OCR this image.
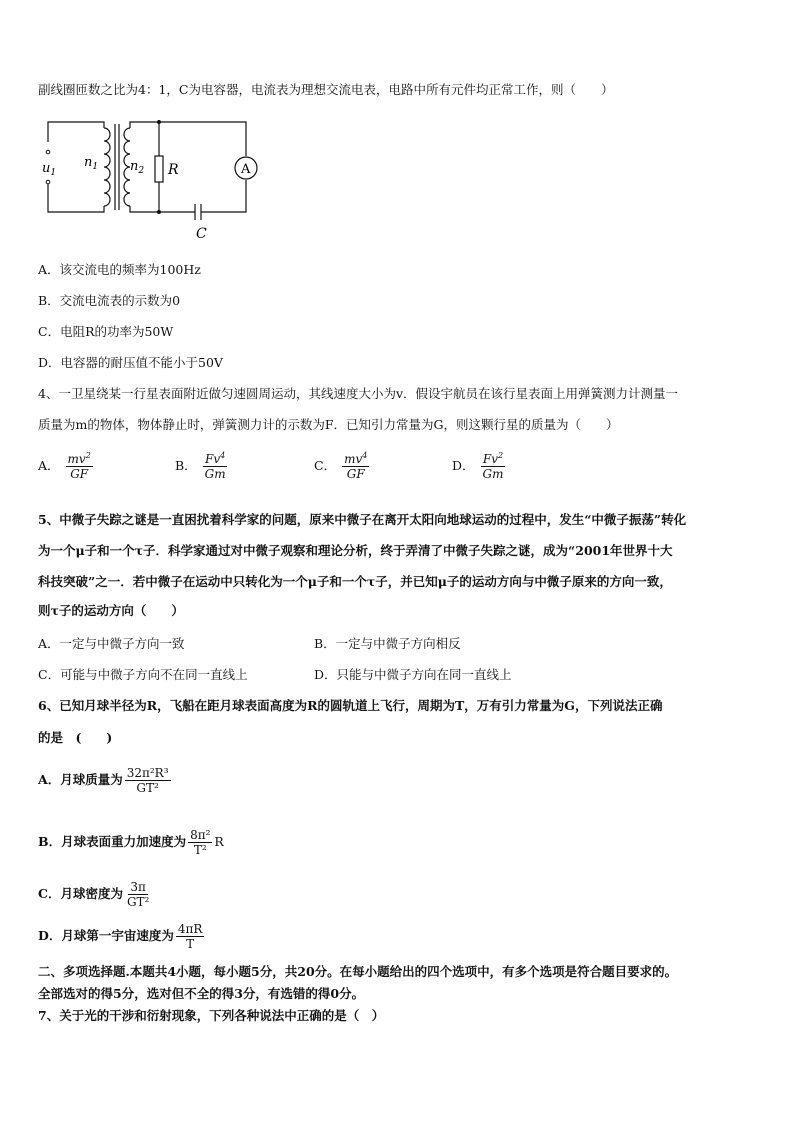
副线圈匝数之比为4：1，C为电容器，电流表为理想交流电表，电路中所有元件均正常工作，则（　　）
$u_1$
$n_1$ $n_2$ R	A
C
A．该交流电的频率为100Hz
B．交流电流表的示数为0
C．电阻R的功率为50W
D．电容器的耐压值不能小于50V
4、一卫星绕某一行星表面附近做匀速圆周运动，其线速度大小为v．假设宇航员在该行星表面上用弹簧测力计测量一
质量为m的物体，物体静止时，弹簧测力计的示数为F．已知引力常量为G，则这颗行星的质量为（　　）
A． $\frac{mv^2}{GF}$	B． $\frac{Fv^4}{Gm}$	C． $\frac{mv^4}{GF}$	D． $\frac{Fv^2}{Gm}$
5、中微子失踪之谜是一直困扰着科学家的问题，原来中微子在离开太阳向地球运动的过程中，发生“中微子振荡”转化
为一个μ子和一个τ子．科学家通过对中微子观察和理论分析，终于弄清了中微子失踪之谜，成为“2001年世界十大
科技突破”之一．若中微子在运动中只转化为一个μ子和一个τ子，并已知μ子的运动方向与中微子原来的方向一致，
则τ子的运动方向（　　）
A．一定与中微子方向一致	B．一定与中微子方向相反
C．可能与中微子方向不在同一直线上	D．只能与中微子方向在同一直线上
6、已知月球半径为R，飞船在距月球表面高度为R的圆轨道上飞行，周期为T，万有引力常量为G，下列说法正确
的是　(　　)
A．月球质量为 $\frac{\text{32π²R³}}{\text{GT²}}$
B．月球表面重力加速度为 $\frac{\text{8π²}}{\text{T²}}$ R
C．月球密度为 $\frac{3\pi}{\text{GT²}}$
D．月球第一宇宙速度为 $\frac{4\pi R}{T}$
二、多项选择题.本题共4小题，每小题5分，共20分。在每小题给出的四个选项中，有多个选项是符合题目要求的。
全部选对的得5分，选对但不全的得3分，有选错的得0分。
7、关于光的干涉和衍射现象，下列各种说法中正确的是（　）
